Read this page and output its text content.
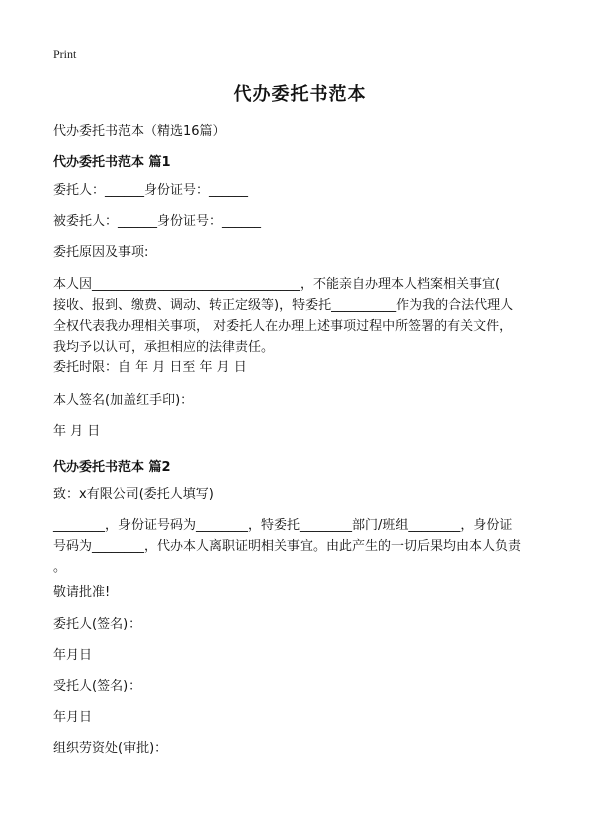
Print
代办委托书范本
代办委托书范本（精选16篇）
代办委托书范本 篇1
委托人：______身份证号：______
被委托人：______身份证号：______
委托原因及事项:
本人因________________________________，不能亲自办理本人档案相关事宜(
接收、报到、缴费、调动、转正定级等)，特委托__________作为我的合法代理人
全权代表我办理相关事项， 对委托人在办理上述事项过程中所签署的有关文件，
我均予以认可，承担相应的法律责任。
委托时限：自 年 月 日至 年 月 日
本人签名(加盖红手印)：
年 月 日
代办委托书范本 篇2
致：x有限公司(委托人填写)
________，身份证号码为________，特委托________部门/班组________，身份证
号码为________，代办本人离职证明相关事宜。由此产生的一切后果均由本人负责
。
敬请批准!
委托人(签名)：
年月日
受托人(签名)：
年月日
组织劳资处(审批)：
